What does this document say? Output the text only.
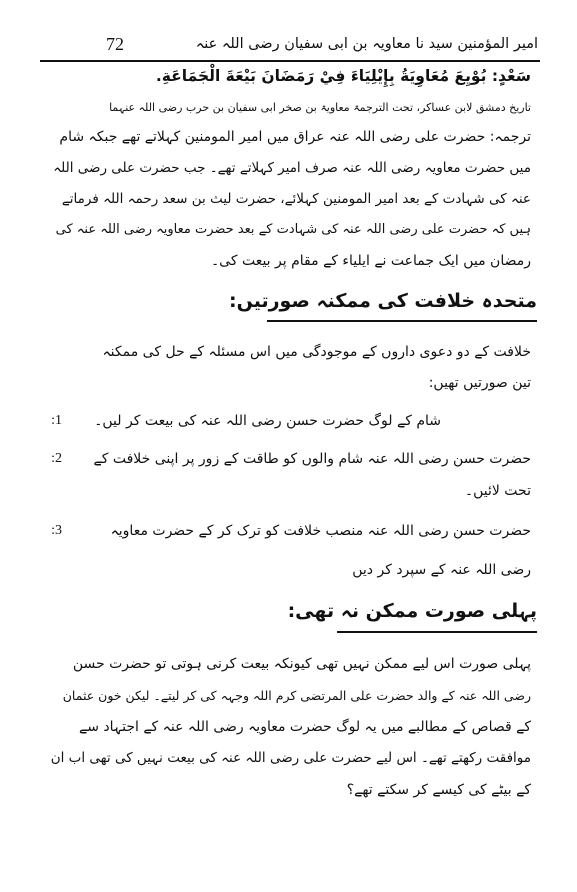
72	امیر المؤمنین سید نا معاویہ بن ابی سفیان رضی اللہ عنہ
سَعْدٍ: بُوْيِعَ مُعَاوِيَةُ بِإِيْلِيَاءَ فِيْ رَمَضَانَ بَيْعَةَ الْجَمَاعَةِ.
تاریخ دمشق لابن عساکر، تحت الترجمۃ معاویۃ بن صخر ابی سفیان بن حرب رضی اللہ عنہما
ترجمہ: حضرت علی رضی اللہ عنہ عراق میں امیر المومنین کہلاتے تھے جبکہ شام
میں حضرت معاویہ رضی اللہ عنہ صرف امیر کہلاتے تھے۔ جب حضرت علی رضی اللہ
عنہ کی شہادت کے بعد امیر المومنین کہلائے، حضرت لیث بن سعد رحمہ اللہ فرماتے
ہیں کہ حضرت علی رضی اللہ عنہ کی شہادت کے بعد حضرت معاویہ رضی اللہ عنہ کی
رمضان میں ایک جماعت نے ایلیاء کے مقام پر بیعت کی۔
متحدہ خلافت کی ممکنہ صورتیں:
خلافت کے دو دعوی داروں کے موجودگی میں اس مسئلہ کے حل کی ممکنہ
تین صورتیں تھیں:
1: شام کے لوگ حضرت حسن رضی اللہ عنہ کی بیعت کر لیں۔
2: حضرت حسن رضی اللہ عنہ شام والوں کو طاقت کے زور پر اپنی خلافت کے
تحت لائیں۔
3:	حضرت حسن رضی اللہ عنہ منصب خلافت کو ترک کر کے حضرت معاویہ
رضی اللہ عنہ کے سپرد کر دیں
پہلی صورت ممکن نہ تھی:
پہلی صورت اس لیے ممکن نہیں تھی کیونکہ بیعت کرنی ہوتی تو حضرت حسن
رضی اللہ عنہ کے والد حضرت علی المرتضی کرم اللہ وجہہ کی کر لیتے۔ لیکن خون عثمان
کے قصاص کے مطالبے میں یہ لوگ حضرت معاویہ رضی اللہ عنہ کے اجتہاد سے
موافقت رکھتے تھے۔ اس لیے حضرت علی رضی اللہ عنہ کی بیعت نہیں کی تھی اب ان
کے بیٹے کی کیسے کر سکتے تھے؟
